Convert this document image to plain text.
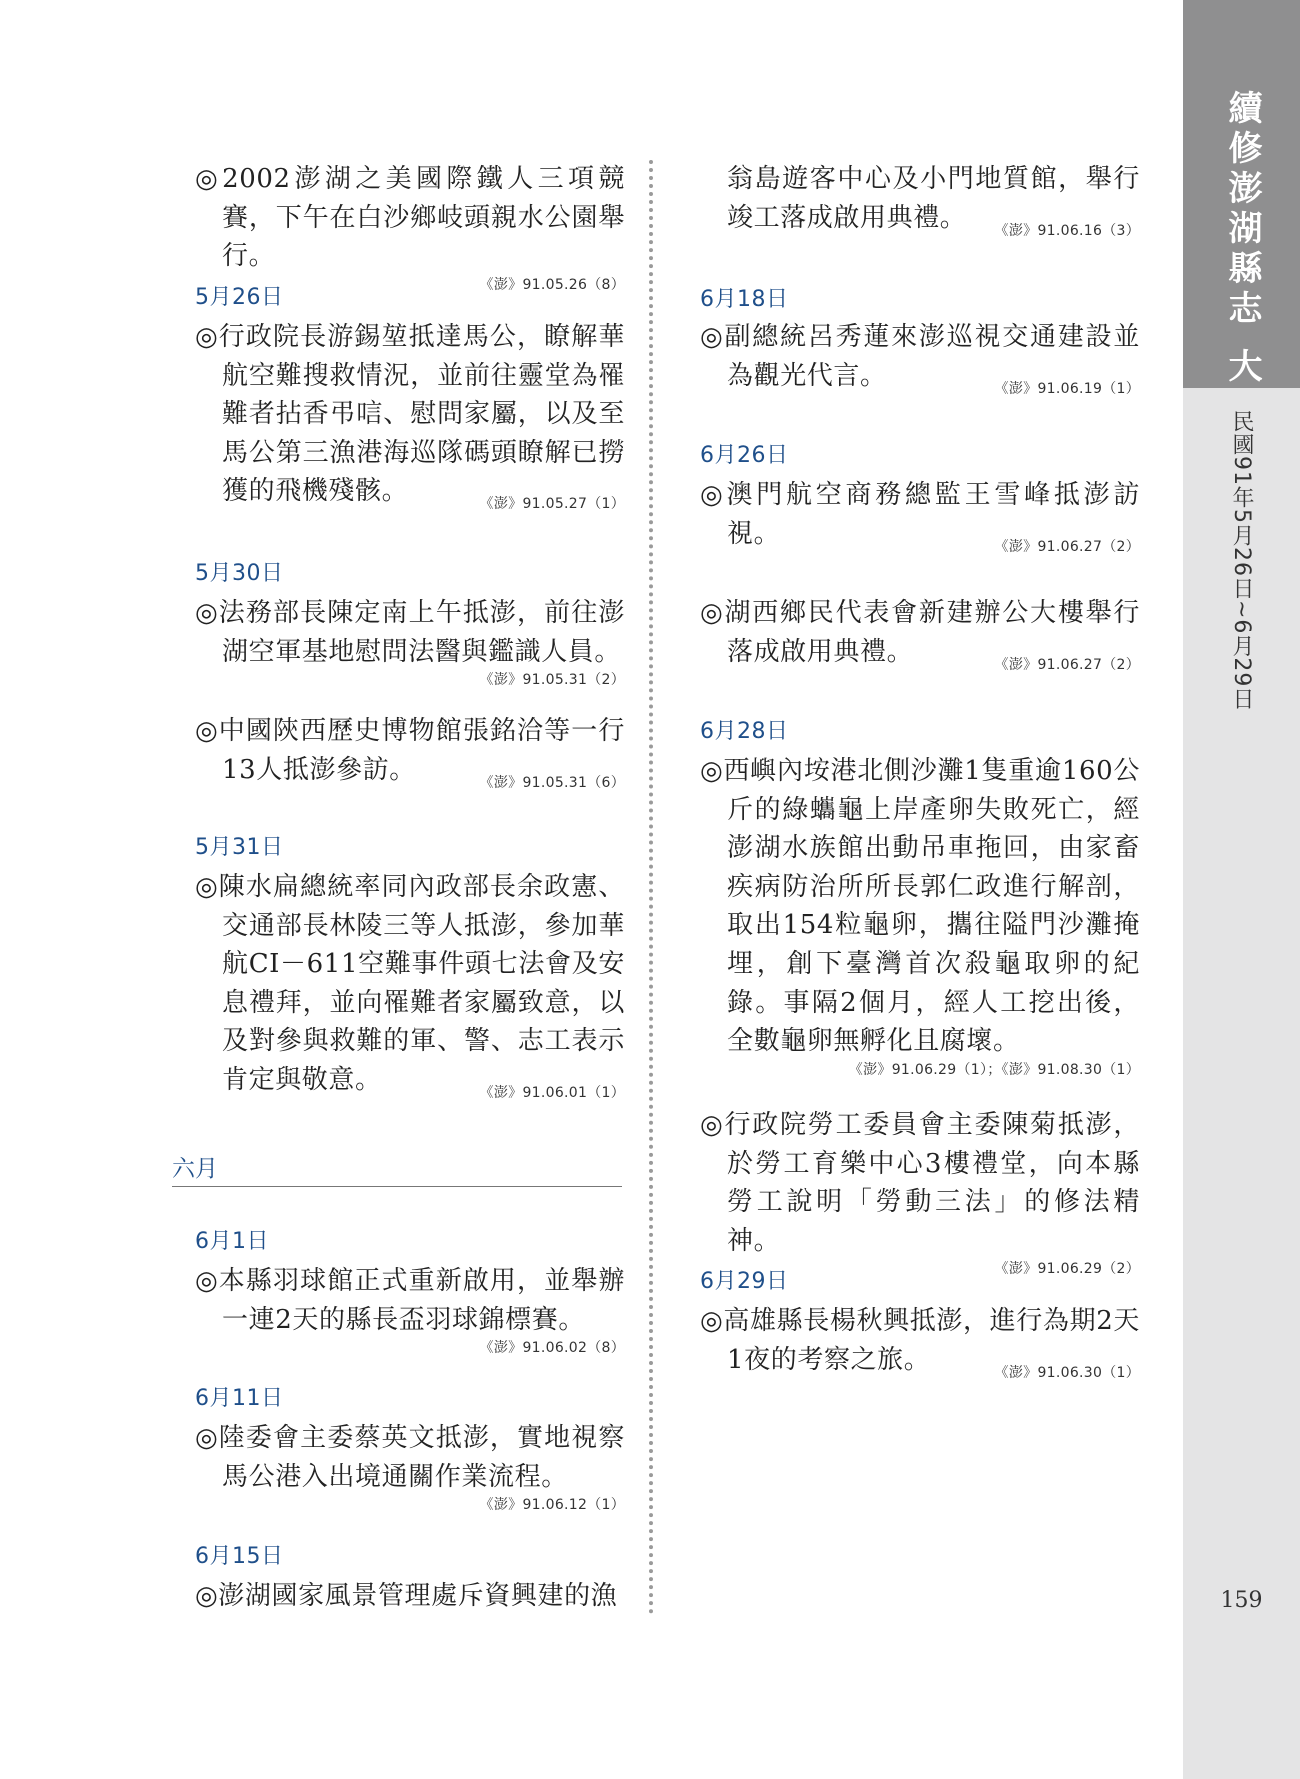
續修澎湖縣志 大事記
民國91年5月26日∼6月29日
159

◎2002澎湖之美國際鐵人三項競賽，下午在白沙鄉岐頭親水公園舉行。

《澎》91.05.26（8）
5月26日

◎行政院長游錫堃抵達馬公，瞭解華航空難搜救情況，並前往靈堂為罹難者拈香弔唁、慰問家屬，以及至馬公第三漁港海巡隊碼頭瞭解已撈獲的飛機殘骸。	《澎》91.05.27（1）

5月30日

◎法務部長陳定南上午抵澎，前往澎湖空軍基地慰問法醫與鑑識人員。

《澎》91.05.31（2）

◎中國陝西歷史博物館張銘洽等一行13人抵澎參訪。	《澎》91.05.31（6）

5月31日

◎陳水扁總統率同內政部長余政憲、交通部長林陵三等人抵澎，參加華航CI－611空難事件頭七法會及安息禮拜，並向罹難者家屬致意，以及對參與救難的軍、警、志工表示肯定與敬意。	《澎》91.06.01（1）

6月1日

◎本縣羽球館正式重新啟用，並舉辦一連2天的縣長盃羽球錦標賽。

《澎》91.06.02（8）
6月11日

◎陸委會主委蔡英文抵澎，實地視察馬公港入出境通關作業流程。

《澎》91.06.12（1）
6月15日

◎澎湖國家風景管理處斥資興建的漁

六月

翁島遊客中心及小門地質館，舉行竣工落成啟用典禮。 《澎》91.06.16（3）

6月18日

◎副總統呂秀蓮來澎巡視交通建設並為觀光代言。	《澎》91.06.19（1）

6月26日

◎澳門航空商務總監王雪峰抵澎訪視。	《澎》91.06.27（2）

◎湖西鄉民代表會新建辦公大樓舉行落成啟用典禮。	《澎》91.06.27（2）

6月28日

◎西嶼內垵港北側沙灘1隻重逾160公斤的綠蠵龜上岸產卵失敗死亡，經澎湖水族館出動吊車拖回，由家畜疾病防治所所長郭仁政進行解剖，取出154粒龜卵，攜往隘門沙灘掩埋，創下臺灣首次殺龜取卵的紀錄。事隔2個月，經人工挖出後，全數龜卵無孵化且腐壞。

《澎》91.06.29（1）；《澎》91.08.30（1）

◎行政院勞工委員會主委陳菊抵澎，於勞工育樂中心3樓禮堂，向本縣勞工說明「勞動三法」的修法精神。

《澎》91.06.29（2）
6月29日

◎高雄縣長楊秋興抵澎，進行為期2天1夜的考察之旅。	《澎》91.06.30（1）
